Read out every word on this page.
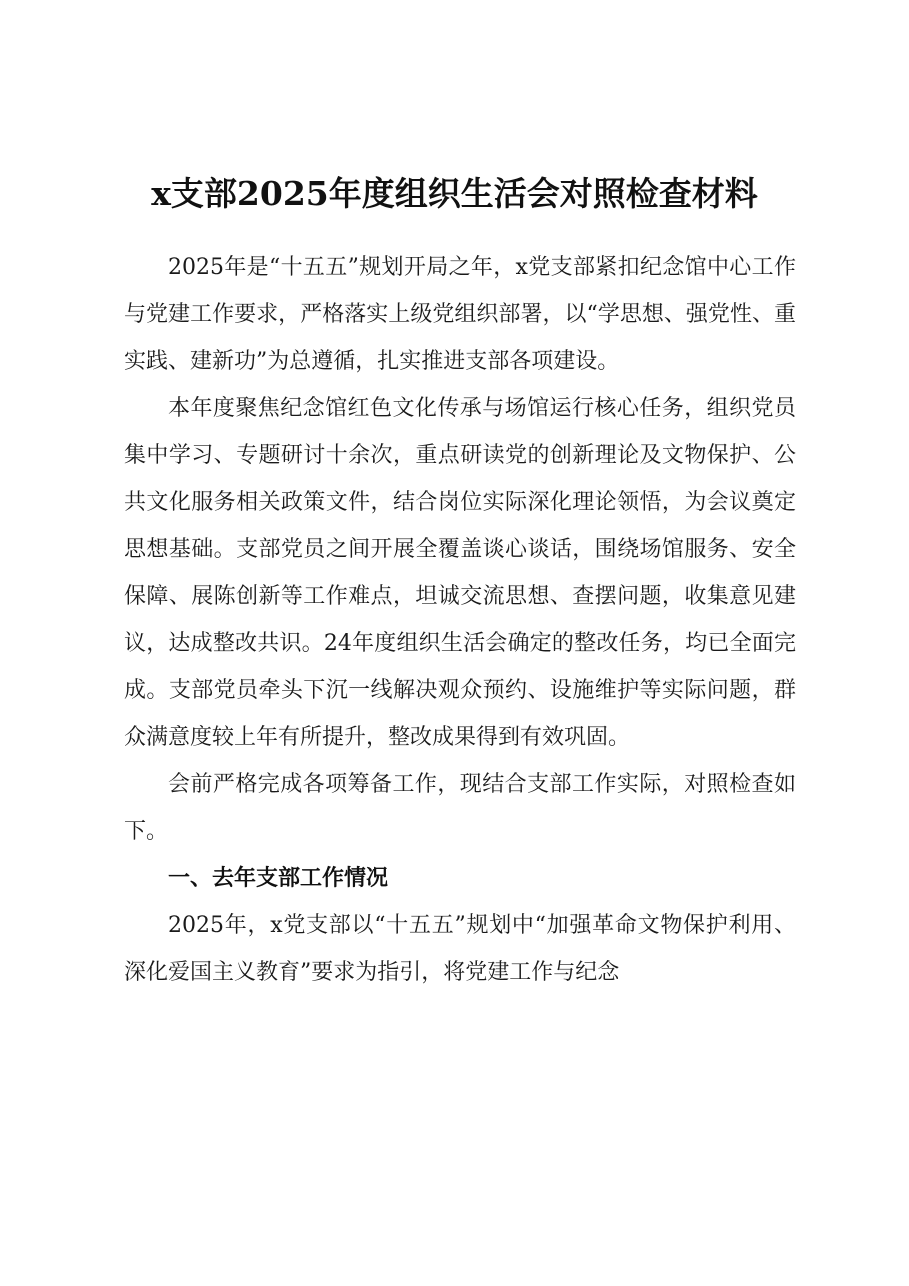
x支部2025年度组织生活会对照检查材料

2025年是“十五五”规划开局之年，x党支部紧扣纪念馆中心工作与党建工作要求，严格落实上级党组织部署，以“学思想、强党性、重实践、建新功”为总遵循，扎实推进支部各项建设。

本年度聚焦纪念馆红色文化传承与场馆运行核心任务，组织党员集中学习、专题研讨十余次，重点研读党的创新理论及文物保护、公共文化服务相关政策文件，结合岗位实际深化理论领悟，为会议奠定思想基础。支部党员之间开展全覆盖谈心谈话，围绕场馆服务、安全保障、展陈创新等工作难点，坦诚交流思想、查摆问题，收集意见建议，达成整改共识。24年度组织生活会确定的整改任务，均已全面完成。支部党员牵头下沉一线解决观众预约、设施维护等实际问题，群众满意度较上年有所提升，整改成果得到有效巩固。

会前严格完成各项筹备工作，现结合支部工作实际，对照检查如下。

一、去年支部工作情况

2025年，x党支部以“十五五”规划中“加强革命文物保护利用、深化爱国主义教育”要求为指引，将党建工作与纪念
